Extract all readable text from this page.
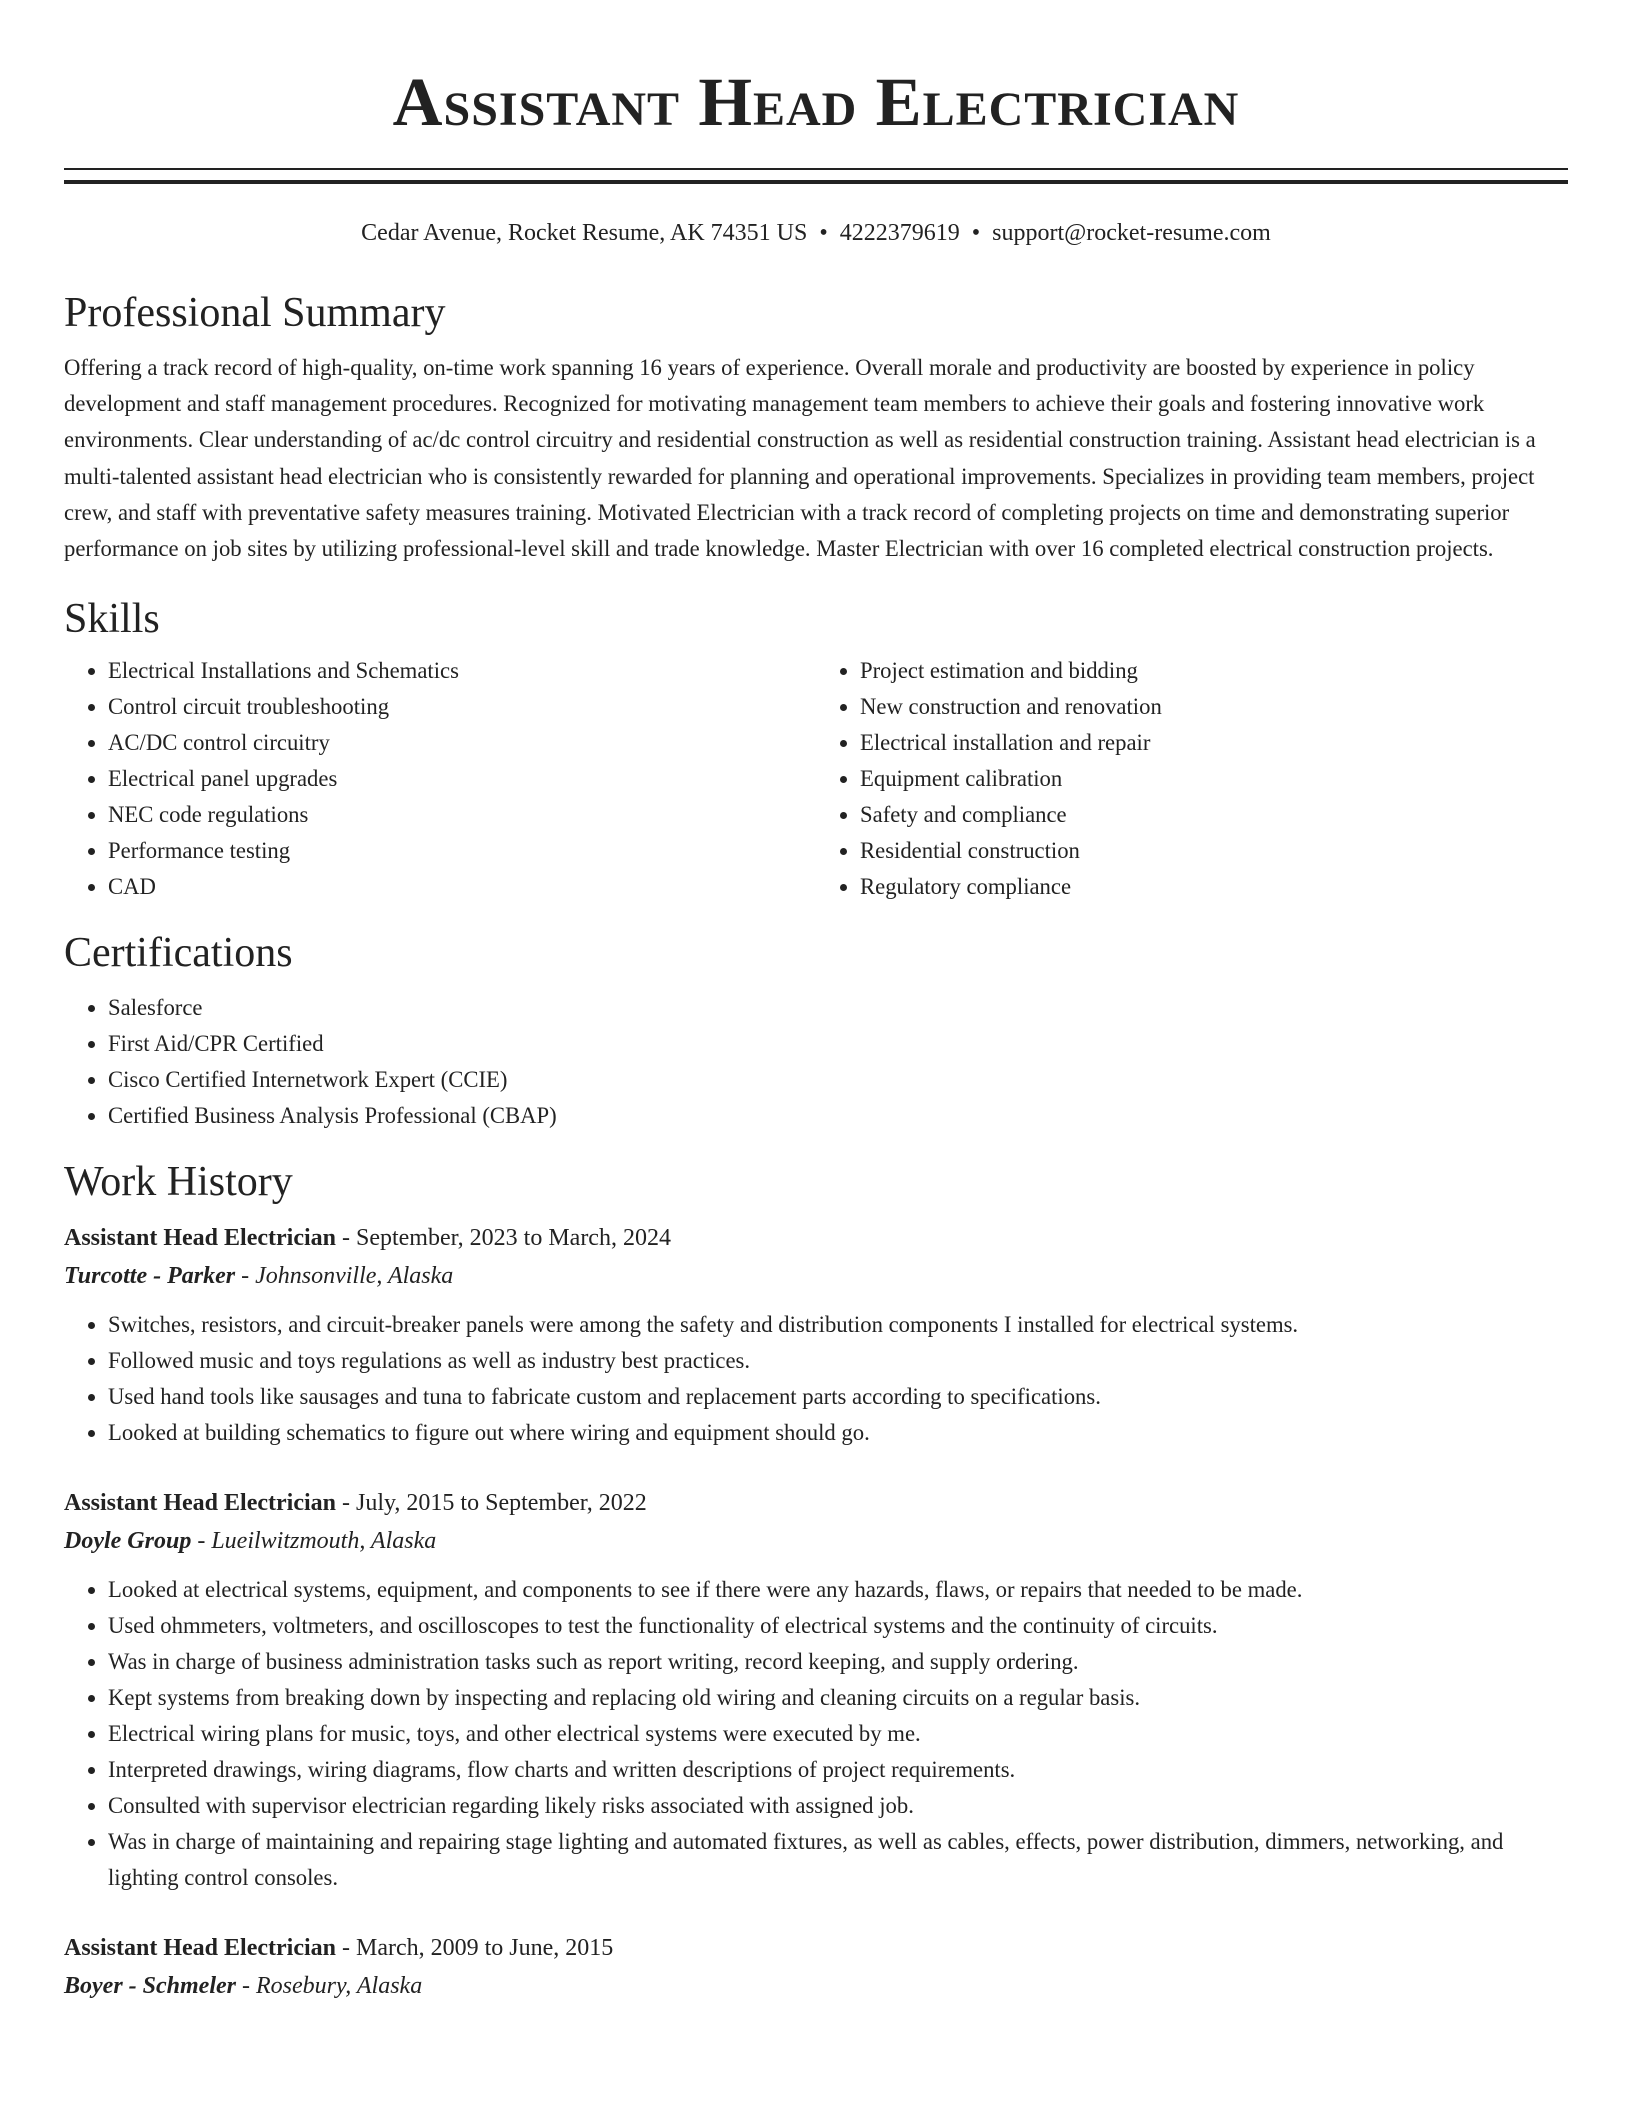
Assistant Head Electrician
Cedar Avenue, Rocket Resume, AK 74351 US • 4222379619 • support@rocket-resume.com
Professional Summary

Offering a track record of high-quality, on-time work spanning 16 years of experience. Overall morale and productivity are boosted by experience in policy development and staff management procedures. Recognized for motivating management team members to achieve their goals and fostering innovative work environments. Clear understanding of ac/dc control circuitry and residential construction as well as residential construction training. Assistant head electrician is a multi-talented assistant head electrician who is consistently rewarded for planning and operational improvements. Specializes in providing team members, project crew, and staff with preventative safety measures training. Motivated Electrician with a track record of completing projects on time and demonstrating superior performance on job sites by utilizing professional-level skill and trade knowledge. Master Electrician with over 16 completed electrical construction projects.

Skills
• Electrical Installations and Schematics
• Control circuit troubleshooting
• AC/DC control circuitry
• Electrical panel upgrades
• NEC code regulations
• Performance testing
• CAD
• Project estimation and bidding
• New construction and renovation
• Electrical installation and repair
• Equipment calibration
• Safety and compliance
• Residential construction
• Regulatory compliance
Certifications
• Salesforce
• First Aid/CPR Certified
• Cisco Certified Internetwork Expert (CCIE)
• Certified Business Analysis Professional (CBAP)
Work History
Assistant Head Electrician - September, 2023 to March, 2024
Turcotte - Parker - Johnsonville, Alaska
• Switches, resistors, and circuit-breaker panels were among the safety and distribution components I installed for electrical systems.
• Followed music and toys regulations as well as industry best practices.
• Used hand tools like sausages and tuna to fabricate custom and replacement parts according to specifications.
• Looked at building schematics to figure out where wiring and equipment should go.
Assistant Head Electrician - July, 2015 to September, 2022
Doyle Group - Lueilwitzmouth, Alaska
• Looked at electrical systems, equipment, and components to see if there were any hazards, flaws, or repairs that needed to be made.
• Used ohmmeters, voltmeters, and oscilloscopes to test the functionality of electrical systems and the continuity of circuits.
• Was in charge of business administration tasks such as report writing, record keeping, and supply ordering.
• Kept systems from breaking down by inspecting and replacing old wiring and cleaning circuits on a regular basis.
• Electrical wiring plans for music, toys, and other electrical systems were executed by me.
• Interpreted drawings, wiring diagrams, flow charts and written descriptions of project requirements.
• Consulted with supervisor electrician regarding likely risks associated with assigned job.
• Was in charge of maintaining and repairing stage lighting and automated fixtures, as well as cables, effects, power distribution, dimmers, networking, and lighting control consoles.
Assistant Head Electrician - March, 2009 to June, 2015
Boyer - Schmeler - Rosebury, Alaska
